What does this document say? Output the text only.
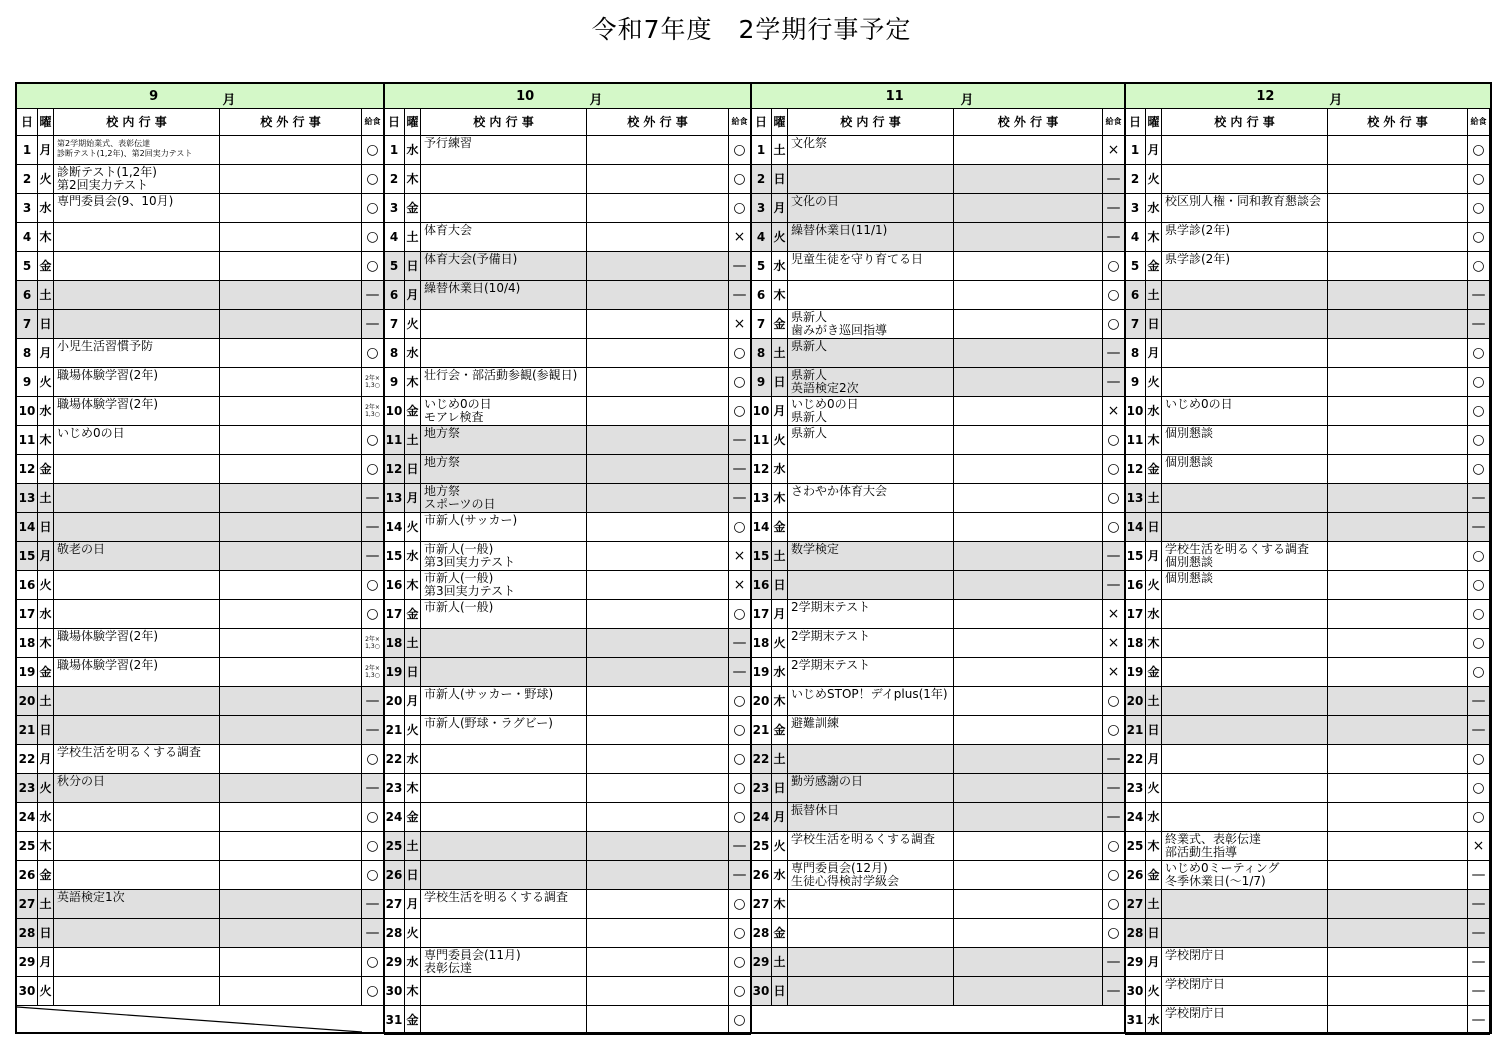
令和7年度　2学期行事予定
9	月
日 曜	校 内 行 事	校 外 行 事	給食
1 月 第2学期始業式、表彰伝達
診断テスト(1,2年)、第2回実力テスト	○
2 火 診断テスト(1,2年)
第2回実力テスト	○
3 水 専門委員会(9、10月)	○
4 木	○
5 金	○
6 土	—
7 日	—
8 月 小児生活習慣予防	○
9 火 職場体験学習(2年)	2年×
1,3○
10 水 職場体験学習(2年)	2年×
1,3○
11 木 いじめ0の日	○
12 金	○
13 土	—
14 日	—
15 月 敬老の日	—
16 火	○
17 水	○
18 木 職場体験学習(2年)	2年×
1,3○
19 金 職場体験学習(2年)	2年×
1,3○
20 土	—
21 日	—
22 月 学校生活を明るくする調査	○
23 火 秋分の日	—
24 水	○
25 木	○
26 金	○
27 土 英語検定1次	—
28 日	—
29 月	○
30 火	○
10	月
日 曜	校 内 行 事	校 外 行 事	給食
1 水 予行練習	○
2 木	○
3 金	○
4 土 体育大会	×
5 日 体育大会(予備日)	—
6 月 繰替休業日(10/4)	—
7 火	×
8 水	○
9 木 壮行会・部活動参観(参観日)	○
10 金 いじめ0の日
モアレ検査	○
11 土 地方祭	—
12 日 地方祭	—
13 月 地方祭
スポーツの日	—
14 火 市新人(サッカー)	○
15 水 市新人(一般)
第3回実力テスト	×
16 木 市新人(一般)
第3回実力テスト	×
17 金 市新人(一般)	○
18 土	—
19 日	—
20 月 市新人(サッカー・野球)	○
21 火 市新人(野球・ラグビー)	○
22 水	○
23 木	○
24 金	○
25 土	—
26 日	—
27 月 学校生活を明るくする調査	○
28 火	○
29 水 専門委員会(11月)
表彰伝達	○
30 木	○
31 金	○
11	月
日 曜	校 内 行 事	校 外 行 事	給食
1 土 文化祭	×
2 日	—
3 月 文化の日	—
4 火 繰替休業日(11/1)	—
5 水 児童生徒を守り育てる日	○
6 木	○
7 金 県新人
歯みがき巡回指導	○
8 土 県新人	—
9 日 県新人
英語検定2次	—
10 月 いじめ0の日
県新人	×
11 火 県新人	○
12 水	○
13 木 さわやか体育大会	○
14 金	○
15 土 数学検定	—
16 日	—
17 月 2学期末テスト	×
18 火 2学期末テスト	×
19 水 2学期末テスト	×
20 木 いじめSTOP！デイplus(1年)	○
21 金 避難訓練	○
22 土	—
23 日 勤労感謝の日	—
24 月 振替休日	—
25 火 学校生活を明るくする調査	○
26 水 専門委員会(12月)
生徒心得検討学級会	○
27 木	○
28 金	○
29 土	—
30 日	—
12	月
日 曜	校 内 行 事	校 外 行 事	給食
1 月	○
2 火	○
3 水 校区別人権・同和教育懇談会	○
4 木 県学診(2年)	○
5 金 県学診(2年)	○
6 土	—
7 日	—
8 月	○
9 火	○
10 水 いじめ0の日	○
11 木 個別懇談	○
12 金 個別懇談	○
13 土	—
14 日	—
15 月 学校生活を明るくする調査
個別懇談	○
16 火 個別懇談	○
17 水	○
18 木	○
19 金	○
20 土	—
21 日	—
22 月	○
23 火	○
24 水	○
25 木 終業式、表彰伝達
部活動生指導	×
26 金 いじめ0ミーティング
冬季休業日(～1/7)	—
27 土	—
28 日	—
29 月 学校閉庁日	—
30 火 学校閉庁日	—
31 水 学校閉庁日	—
